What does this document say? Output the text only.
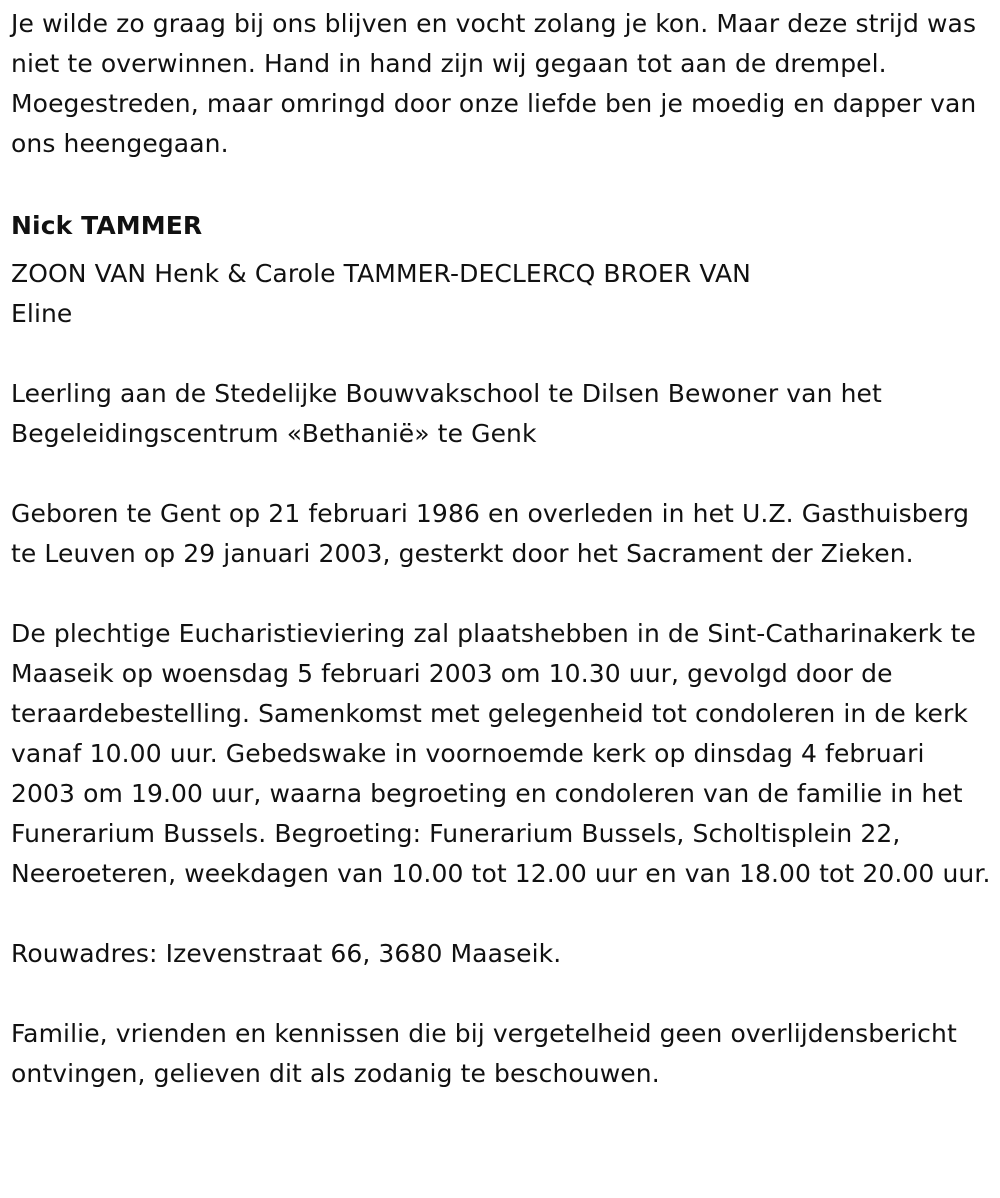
Je wilde zo graag bij ons blijven en vocht zolang je kon. Maar deze strijd was niet te overwinnen. Hand in hand zijn wij gegaan tot aan de drempel. Moegestreden, maar omringd door onze liefde ben je moedig en dapper van ons heengegaan.

Nick TAMMER

ZOON VAN Henk & Carole TAMMER-DECLERCQ BROER VAN

Eline

Leerling aan de Stedelijke Bouwvakschool te Dilsen Bewoner van het Begeleidingscentrum «Bethanië» te Genk

Geboren te Gent op 21 februari 1986 en overleden in het U.Z. Gasthuisberg te Leuven op 29 januari 2003, gesterkt door het Sacrament der Zieken.

De plechtige Eucharistieviering zal plaatshebben in de Sint-Catharinakerk te Maaseik op woensdag 5 februari 2003 om 10.30 uur, gevolgd door de teraardebestelling. Samenkomst met gelegenheid tot condoleren in de kerk vanaf 10.00 uur. Gebedswake in voornoemde kerk op dinsdag 4 februari 2003 om 19.00 uur, waarna begroeting en condoleren van de familie in het Funerarium Bussels. Begroeting: Funerarium Bussels, Scholtisplein 22, Neeroeteren, weekdagen van 10.00 tot 12.00 uur en van 18.00 tot 20.00 uur.

Rouwadres: Izevenstraat 66, 3680 Maaseik.

Familie, vrienden en kennissen die bij vergetelheid geen overlijdensbericht ontvingen, gelieven dit als zodanig te beschouwen.
